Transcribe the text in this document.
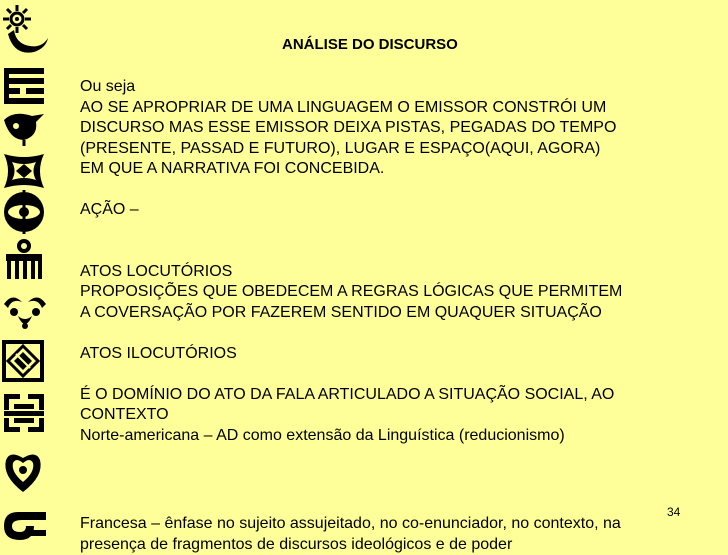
ANÁLISE DO DISCURSO
Ou seja
AO SE APROPRIAR DE UMA LINGUAGEM O EMISSOR CONSTRÓI UM
DISCURSO MAS ESSE EMISSOR DEIXA PISTAS, PEGADAS DO TEMPO
(PRESENTE, PASSAD E FUTURO), LUGAR E ESPAÇO(AQUI, AGORA)
EM QUE A NARRATIVA FOI CONCEBIDA.
AÇÃO –
ATOS LOCUTÓRIOS
PROPOSIÇÕES QUE OBEDECEM A REGRAS LÓGICAS QUE PERMITEM
A COVERSAÇÃO POR FAZEREM SENTIDO EM QUAQUER SITUAÇÃO
ATOS ILOCUTÓRIOS
É O DOMÍNIO DO ATO DA FALA ARTICULADO A SITUAÇÃO SOCIAL, AO
CONTEXTO
Norte-americana – AD como extensão da Linguística (reducionismo)
34
Francesa – ênfase no sujeito assujeitado, no co-enunciador, no contexto, na
presença de fragmentos de discursos ideológicos e de poder
